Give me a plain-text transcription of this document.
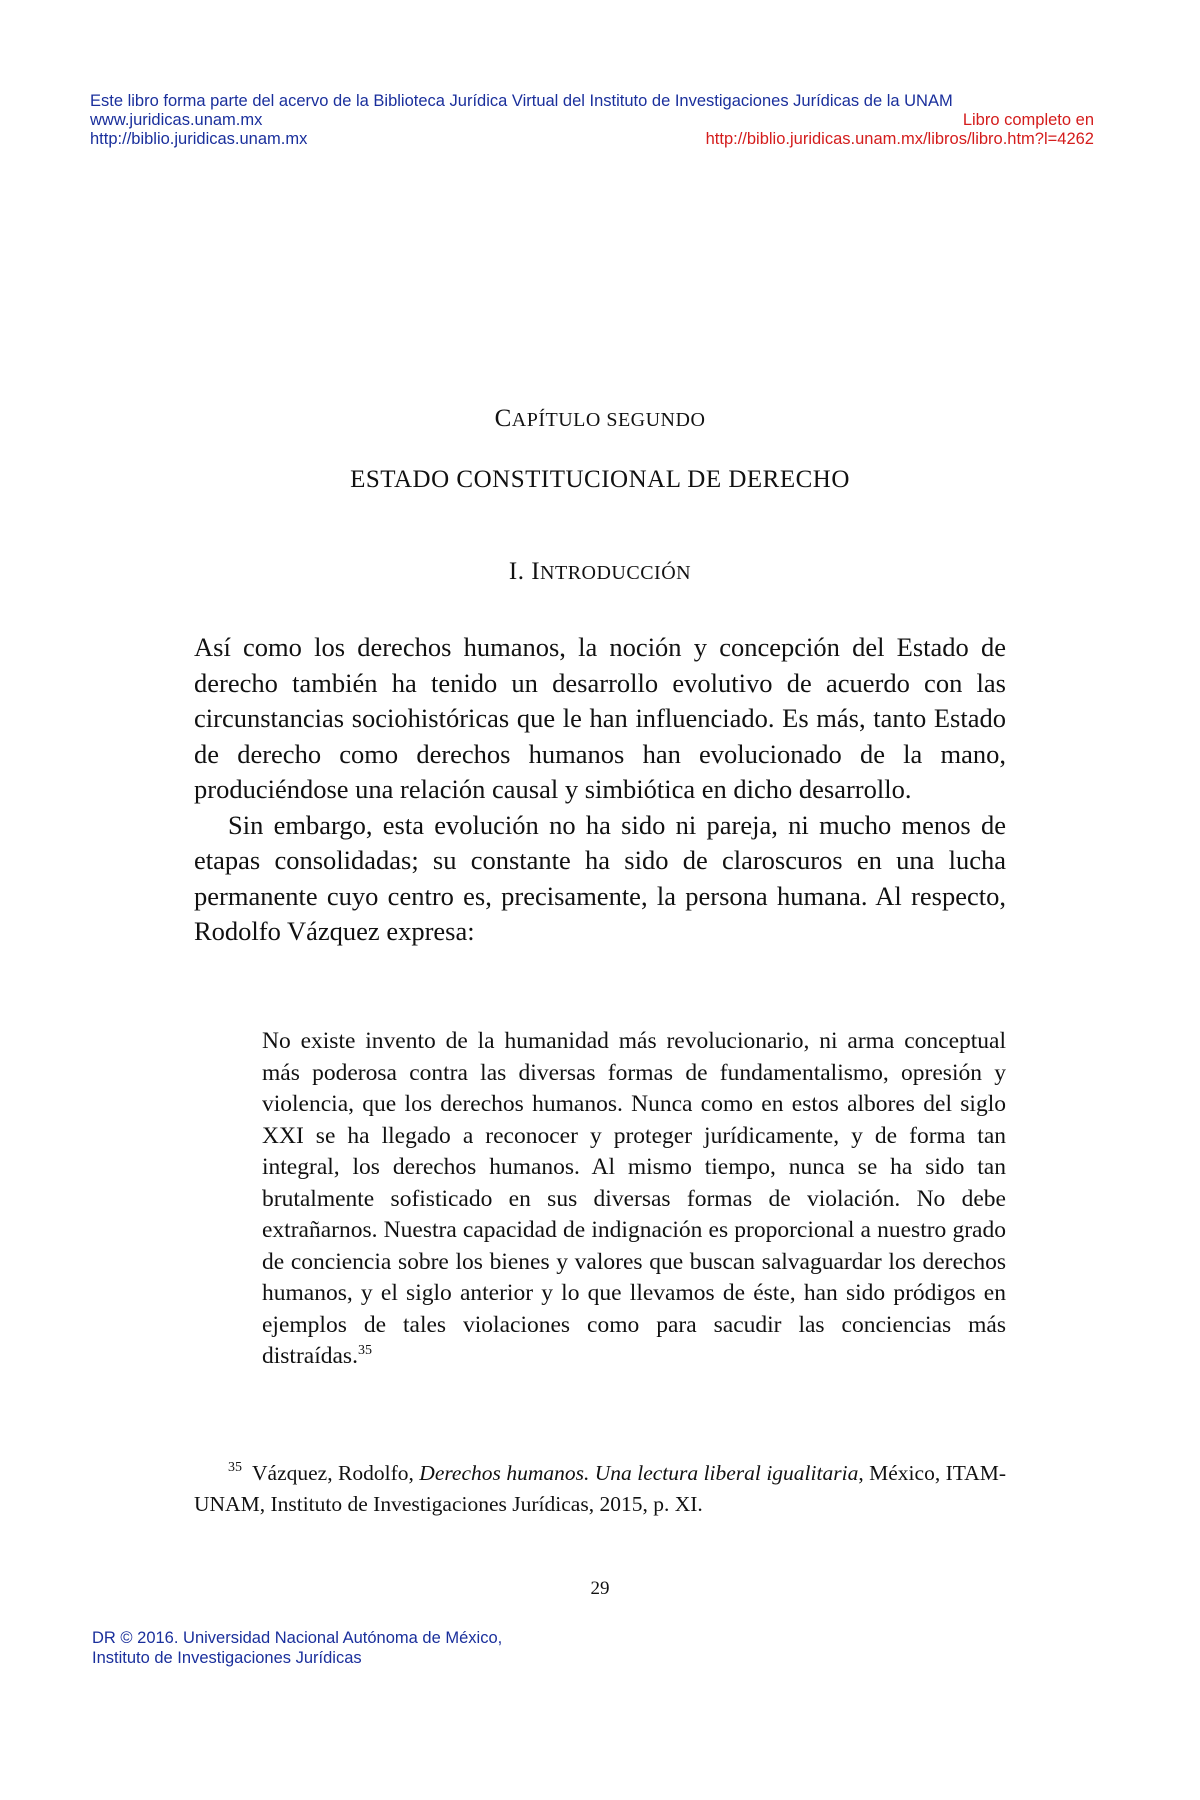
Este libro forma parte del acervo de la Biblioteca Jurídica Virtual del Instituto de Investigaciones Jurídicas de la UNAM
www.juridicas.unam.mx	Libro completo en
http://biblio.juridicas.unam.mx	http://biblio.juridicas.unam.mx/libros/libro.htm?l=4262
CAPÍTULO SEGUNDO
ESTADO CONSTITUCIONAL DE DERECHO
I. INTRODUCCIÓN

Así como los derechos humanos, la noción y concepción del Estado de derecho también ha tenido un desarrollo evolutivo de acuerdo con las circunstancias sociohistóricas que le han influenciado. Es más, tanto Estado de derecho como derechos humanos han evolucionado de la mano, produciéndose una relación causal y simbiótica en dicho desarrollo.

Sin embargo, esta evolución no ha sido ni pareja, ni mucho menos de etapas consolidadas; su constante ha sido de claroscuros en una lucha permanente cuyo centro es, precisamente, la persona humana. Al respecto, Rodolfo Vázquez expresa:

No existe invento de la humanidad más revolucionario, ni arma conceptual más poderosa contra las diversas formas de fundamentalismo, opresión y violencia, que los derechos humanos. Nunca como en estos albores del siglo XXI se ha llegado a reconocer y proteger jurídicamente, y de forma tan integral, los derechos humanos. Al mismo tiempo, nunca se ha sido tan brutalmente sofisticado en sus diversas formas de violación. No debe extrañarnos. Nuestra capacidad de indignación es proporcional a nuestro grado de conciencia sobre los bienes y valores que buscan salvaguardar los derechos humanos, y el siglo anterior y lo que llevamos de éste, han sido pródigos en ejemplos de tales violaciones como para sacudir las conciencias más distraídas.$^{35}$
$^{35}$ Vázquez, Rodolfo, Derechos humanos. Una lectura liberal igualitaria, México, ITAM-UNAM, Instituto de Investigaciones Jurídicas, 2015, p. XI.
29
DR © 2016. Universidad Nacional Autónoma de México,
Instituto de Investigaciones Jurídicas
